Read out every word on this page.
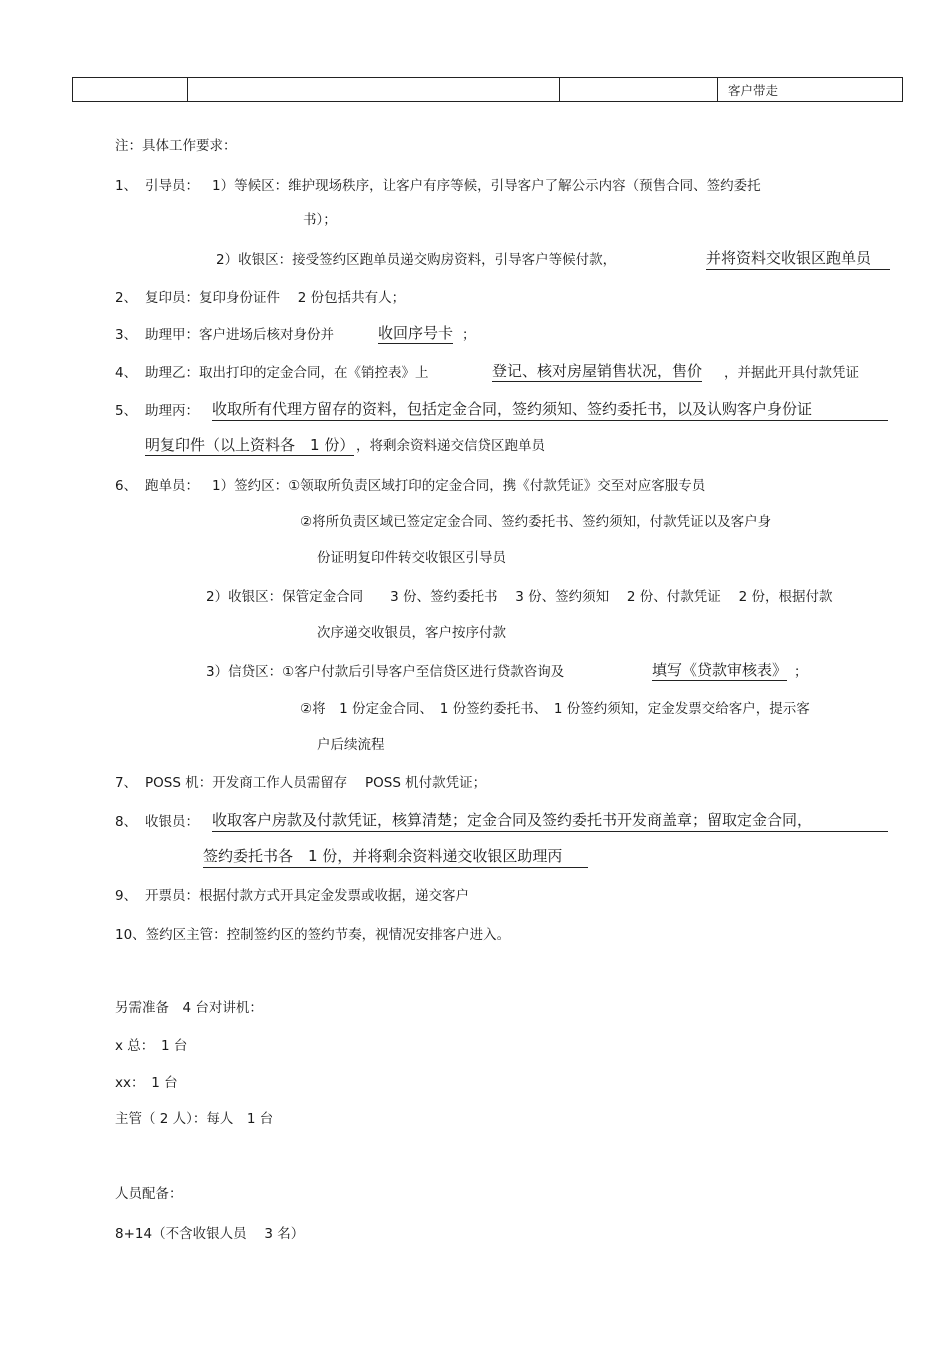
			客户带走
注：具体工作要求：
1、 引导员： 1）等候区：维护现场秩序，让客户有序等候，引导客户了解公示内容（预售合同、签约委托
书）；
2）收银区：接受签约区跑单员递交购房资料，引导客户等候付款，	并将资料交收银区跑单员
2、 复印员：复印身份证件　 2 份包括共有人；
3、 助理甲：客户进场后核对身份并	收回序号卡 ；
4、 助理乙：取出打印的定金合同，在《销控表》上	登记、核对房屋销售状况，售价 ，并据此开具付款凭证
5、 助理丙： 收取所有代理方留存的资料，包括定金合同，签约须知、签约委托书，以及认购客户身份证
明复印件（以上资料各　1 份） ，将剩余资料递交信贷区跑单员
6、 跑单员： 1）签约区：①领取所负责区域打印的定金合同，携《付款凭证》交至对应客服专员
②将所负责区域已签定定金合同、签约委托书、签约须知，付款凭证以及客户身
份证明复印件转交收银区引导员
2）收银区：保管定金合同　　3 份、签约委托书　 3 份、签约须知　 2 份、付款凭证　 2 份，根据付款
次序递交收银员，客户按序付款
3）信贷区：①客户付款后引导客户至信贷区进行贷款咨询及	填写《贷款审核表》 ；
②将　1 份定金合同、　1 份签约委托书、　1 份签约须知，定金发票交给客户，提示客
户后续流程
7、 POSS 机：开发商工作人员需留存　 POSS 机付款凭证；
8、 收银员： 收取客户房款及付款凭证，核算清楚；定金合同及签约委托书开发商盖章；留取定金合同，
签约委托书各　1 份，并将剩余资料递交收银区助理丙
9、 开票员：根据付款方式开具定金发票或收据，递交客户
10、签约区主管：控制签约区的签约节奏，视情况安排客户进入。
另需准备　4 台对讲机：
x 总：　1 台
xx：　1 台
主管（ 2 人）：每人　1 台
人员配备：
8+14（不含收银人员　 3 名）
